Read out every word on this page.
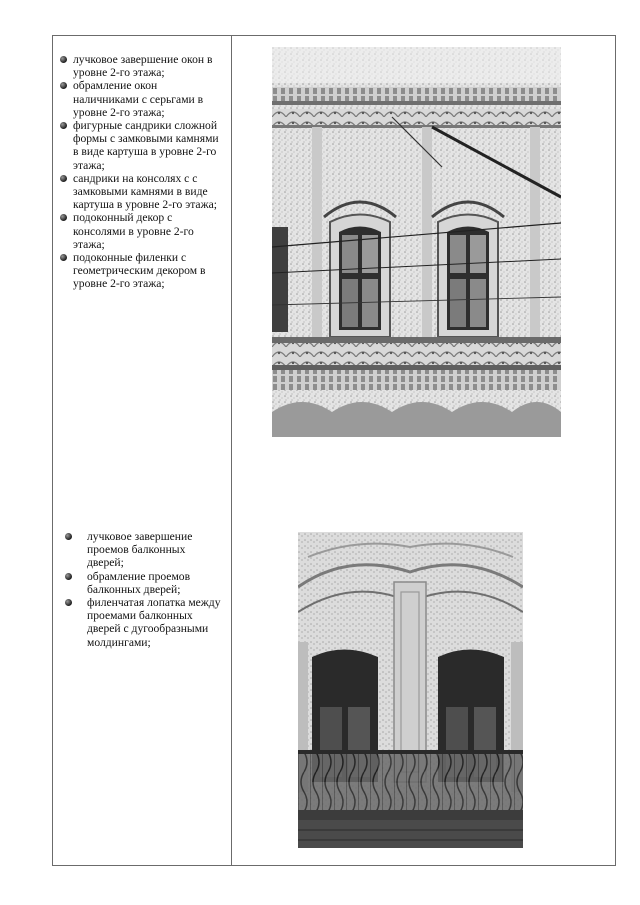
лучковое завершение окон в уровне 2-го этажа;
обрамление окон наличниками с серьгами в уровне 2-го этажа;
фигурные сандрики сложной формы с замковыми камнями в виде картуша в уровне 2-го этажа;
сандрики на консолях с с замковыми камнями в виде картуша в уровне 2-го этажа;
подоконный декор с консолями в уровне 2-го этажа;
подоконные филенки с геометрическим декором в уровне 2-го этажа;
лучковое завершение проемов балконных дверей;
обрамление проемов балконных дверей;
филенчатая лопатка между проемами балконных дверей с дугообразными молдингами;
